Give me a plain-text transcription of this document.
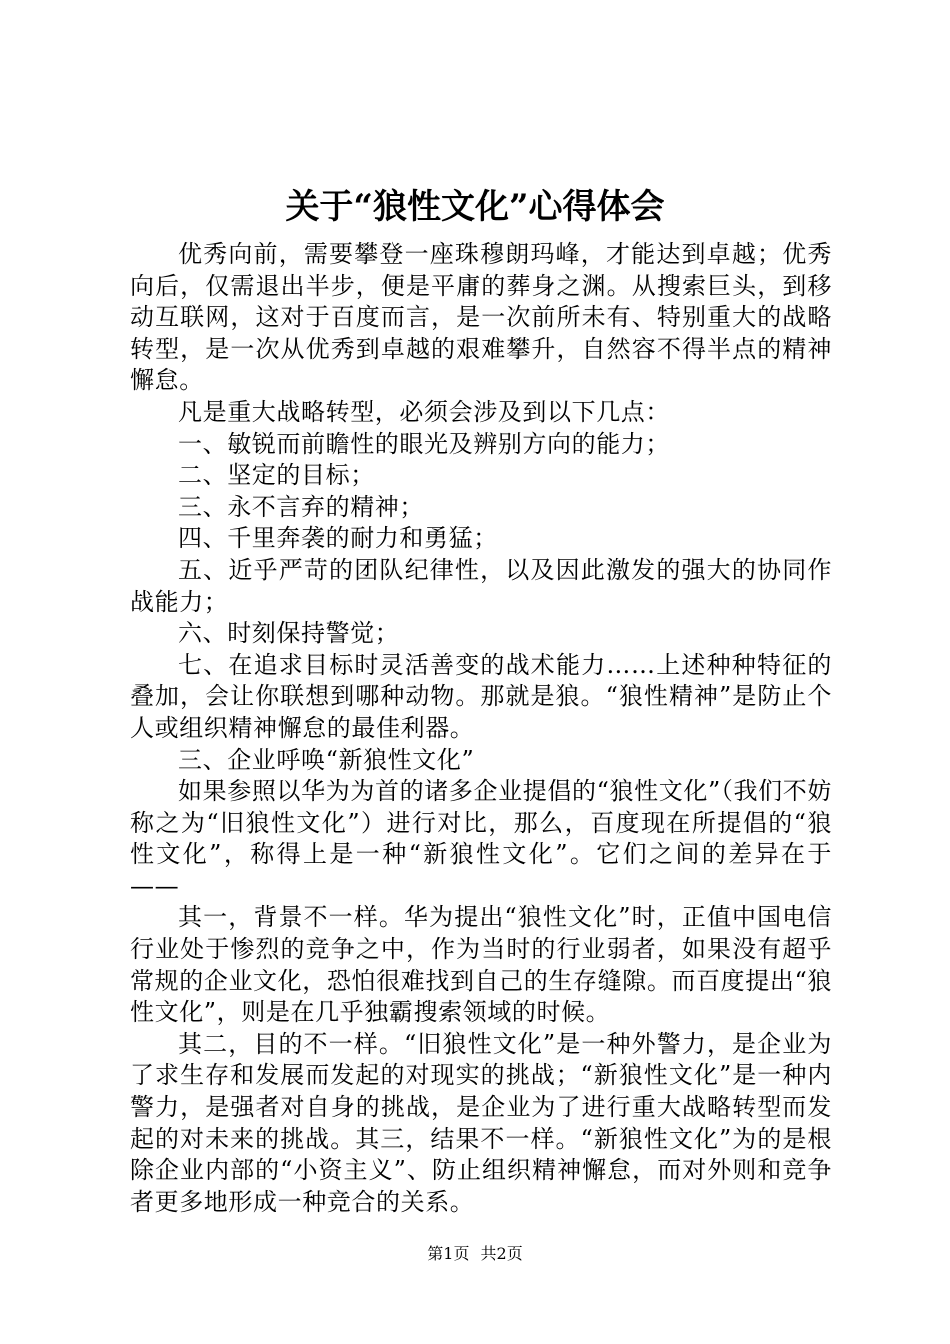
关于“狼性文化”心得体会

优秀向前，需要攀登一座珠穆朗玛峰，才能达到卓越；优秀向后，仅需退出半步，便是平庸的葬身之渊。从搜索巨头，到移动互联网，这对于百度而言，是一次前所未有、特别重大的战略转型，是一次从优秀到卓越的艰难攀升，自然容不得半点的精神懈怠。

凡是重大战略转型，必须会涉及到以下几点：

一、敏锐而前瞻性的眼光及辨别方向的能力；

二、坚定的目标；

三、永不言弃的精神；

四、千里奔袭的耐力和勇猛；

五、近乎严苛的团队纪律性，以及因此激发的强大的协同作战能力；

六、时刻保持警觉；

七、在追求目标时灵活善变的战术能力……上述种种特征的叠加，会让你联想到哪种动物。那就是狼。“狼性精神”是防止个人或组织精神懈怠的最佳利器。

三、企业呼唤“新狼性文化”

如果参照以华为为首的诸多企业提倡的“狼性文化”（我们不妨称之为“旧狼性文化”）进行对比，那么，百度现在所提倡的“狼性文化”，称得上是一种“新狼性文化”。它们之间的差异在于——

其一，背景不一样。华为提出“狼性文化”时，正值中国电信行业处于惨烈的竞争之中，作为当时的行业弱者，如果没有超乎常规的企业文化，恐怕很难找到自己的生存缝隙。而百度提出“狼性文化”，则是在几乎独霸搜索领域的时候。

其二，目的不一样。“旧狼性文化”是一种外警力，是企业为了求生存和发展而发起的对现实的挑战；“新狼性文化”是一种内警力，是强者对自身的挑战，是企业为了进行重大战略转型而发起的对未来的挑战。其三，结果不一样。“新狼性文化”为的是根除企业内部的“小资主义”、防止组织精神懈怠，而对外则和竞争者更多地形成一种竞合的关系。

第1页 共2页
